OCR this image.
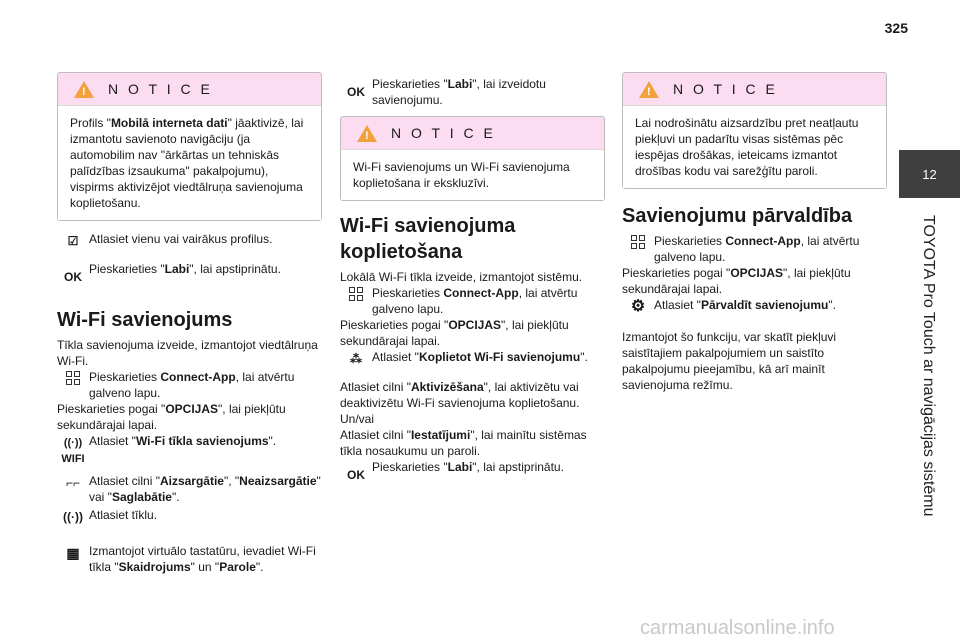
325
12
TOYOTA Pro Touch ar navigācijas sistēmu
!
N O T I C E
Profils "Mobilā interneta dati" jāaktivizē, lai izmantotu savienoto navigāciju (ja automobilim nav "ārkārtas un tehniskās palīdzības izsaukuma" pakalpojumu), vispirms aktivizējot viedtālruņa savienojuma koplietošanu.
☑ Atlasiet vienu vai vairākus profilus.

OK

Pieskarieties "Labi", lai apstiprinātu.

Wi-Fi savienojums

Tīkla savienojuma izveide, izmantojot viedtālruņa Wi-Fi.

Pieskarieties Connect-App, lai atvērtu galveno lapu.

Pieskarieties pogai "OPCIJAS", lai piekļūtu sekundārajai lapai.

((·))
WIFI

Atlasiet "Wi-Fi tīkla savienojums".

⌐⌐ Atlasiet cilni "Aizsargātie", "Neaizsargātie" vai "Saglabātie".

((·)) Atlasiet tīklu.

▦ Izmantojot virtuālo tastatūru, ievadiet Wi-Fi tīkla "Skaidrojums" un "Parole".

OK

Pieskarieties "Labi", lai izveidotu savienojumu.

!
N O T I C E
Wi-Fi savienojums un Wi-Fi savienojuma koplietošana ir ekskluzīvi.
Wi-Fi savienojuma koplietošana

Lokālā Wi-Fi tīkla izveide, izmantojot sistēmu.

Pieskarieties Connect-App, lai atvērtu galveno lapu.

Pieskarieties pogai "OPCIJAS", lai piekļūtu sekundārajai lapai.

⁂ Atlasiet "Koplietot Wi-Fi savienojumu".

Atlasiet cilni "Aktivizēšana", lai aktivizētu vai deaktivizētu Wi-Fi savienojuma koplietošanu.

Un/vai

Atlasiet cilni "Iestatījumi", lai mainītu sistēmas tīkla nosaukumu un paroli.

OK

Pieskarieties "Labi", lai apstiprinātu.

!
N O T I C E
Lai nodrošinātu aizsardzību pret neatļautu piekļuvi un padarītu visas sistēmas pēc iespējas drošākas, ieteicams izmantot drošības kodu vai sarežģītu paroli.
Savienojumu pārvaldība

Pieskarieties Connect-App, lai atvērtu galveno lapu.

Pieskarieties pogai "OPCIJAS", lai piekļūtu sekundārajai lapai.

⚙ Atlasiet "Pārvaldīt savienojumu".

Izmantojot šo funkciju, var skatīt piekļuvi saistītajiem pakalpojumiem un saistīto pakalpojumu pieejamību, kā arī mainīt savienojuma režīmu.

carmanualsonline.info
